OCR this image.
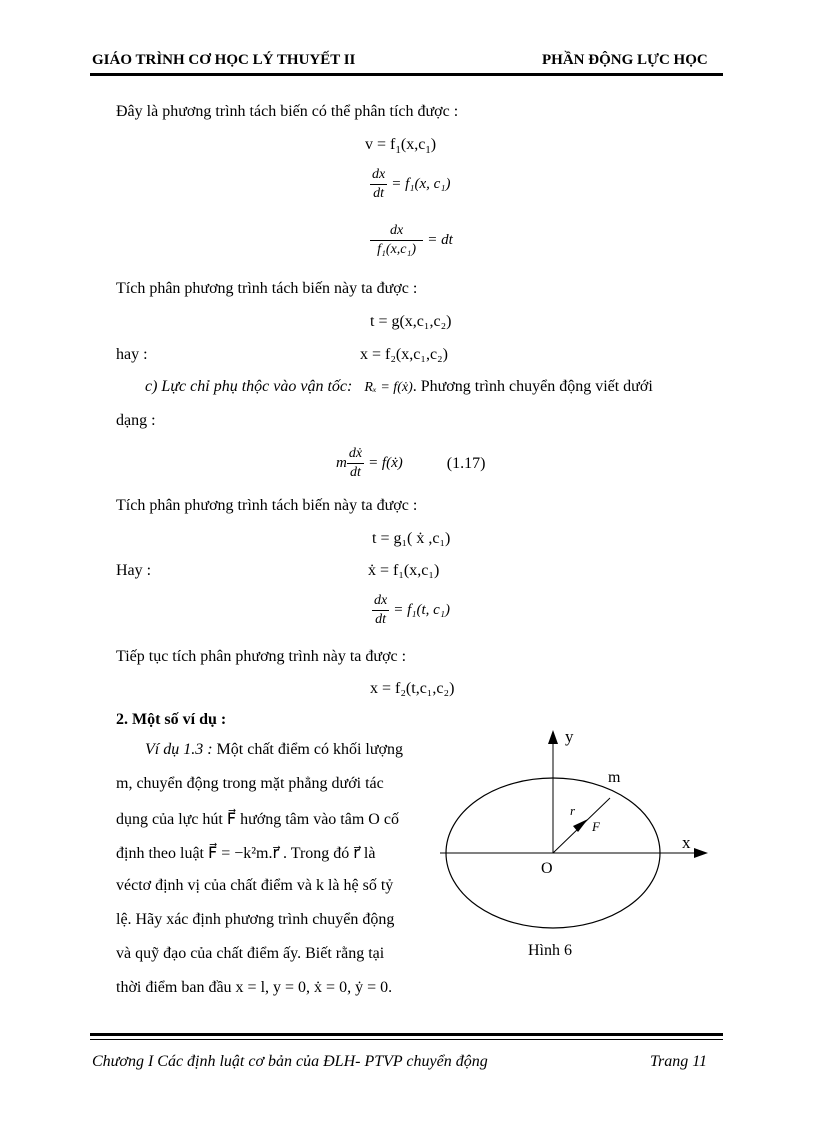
GIÁO TRÌNH CƠ HỌC LÝ THUYẾT II	PHẦN ĐỘNG LỰC HỌC
Đây là phương trình tách biến có thể phân tích được :
$v = f_1(x,c_1)$
$\frac{dx}{dt} = f_1(x$, c₁)
$\frac{dx}{\text{f₁(x,c₁)}}$ = dt
Tích phân phương trình tách biến này ta được :
t = g(x,c₁,c₂)
hay :	x = f₂(x,c₁,c₂)
c) Lực chỉ phụ thộc vào vận tốc: Rₓ = f(ẋ). Phương trình chuyển động viết dưới
dạng :
m $\frac{\text{dẋ}}{dt}$ = f(ẋ)	(1.17)
Tích phân phương trình tách biến này ta được :
t = g₁( ẋ ,c₁)
Hay :	ẋ = f₁(x,c₁)
$\frac{dx}{dt} = f_1(t$, c₁)
Tiếp tục tích phân phương trình này ta được :
x = f₂(t,c₁,c₂)
2. Một số ví dụ :
Ví dụ 1.3 : Một chất điểm có khối lượng
m, chuyển động trong mặt phẳng dưới tác
dụng của lực hút F⃗ hướng tâm vào tâm O cố
định theo luật F⃗ = −k²m.r⃗ . Trong đó r⃗ là
véctơ định vị của chất điểm và k là hệ số tỷ
lệ. Hãy xác định phương trình chuyển động
và quỹ đạo của chất điểm ấy. Biết rằng tại
thời điểm ban đầu x = l, y = 0, ẋ = 0, ẏ = 0.
y
x
O
m
r⃗
F⃗
Hình 6
Chương I Các định luật cơ bản của ĐLH- PTVP chuyển động	Trang 11
